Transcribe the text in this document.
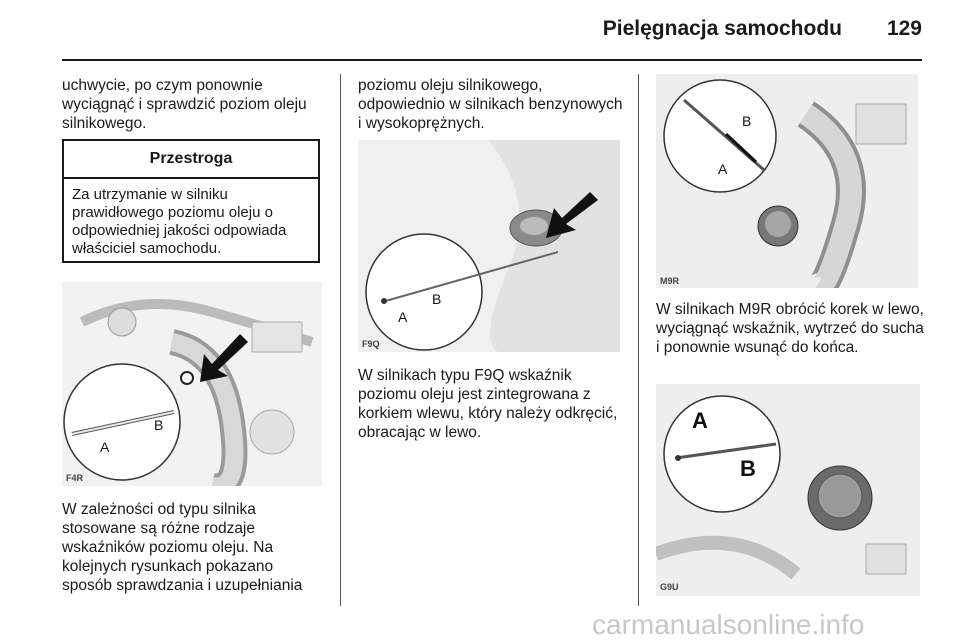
Pielęgnacja samochodu 129

uchwycie, po czym ponownie wyciągnąć i sprawdzić poziom oleju silnikowego.

Przestroga
Za utrzymanie w silniku prawidłowego poziomu oleju o odpowiedniej jakości odpowiada właściciel samochodu.
A
B
F4R

W zależności od typu silnika stosowane są różne rodzaje wskaźników poziomu oleju. Na kolejnych rysunkach pokazano sposób sprawdzania i uzupełniania

poziomu oleju silnikowego, odpowiednio w silnikach benzynowych i wysokoprężnych.

A
B
F9Q

W silnikach typu F9Q wskaźnik poziomu oleju jest zintegrowana z korkiem wlewu, który należy odkręcić, obracając w lewo.

A
B
M9R

W silnikach M9R obrócić korek w lewo, wyciągnąć wskaźnik, wytrzeć do sucha i ponownie wsunąć do końca.

A
B
G9U
carmanualsonline.info
